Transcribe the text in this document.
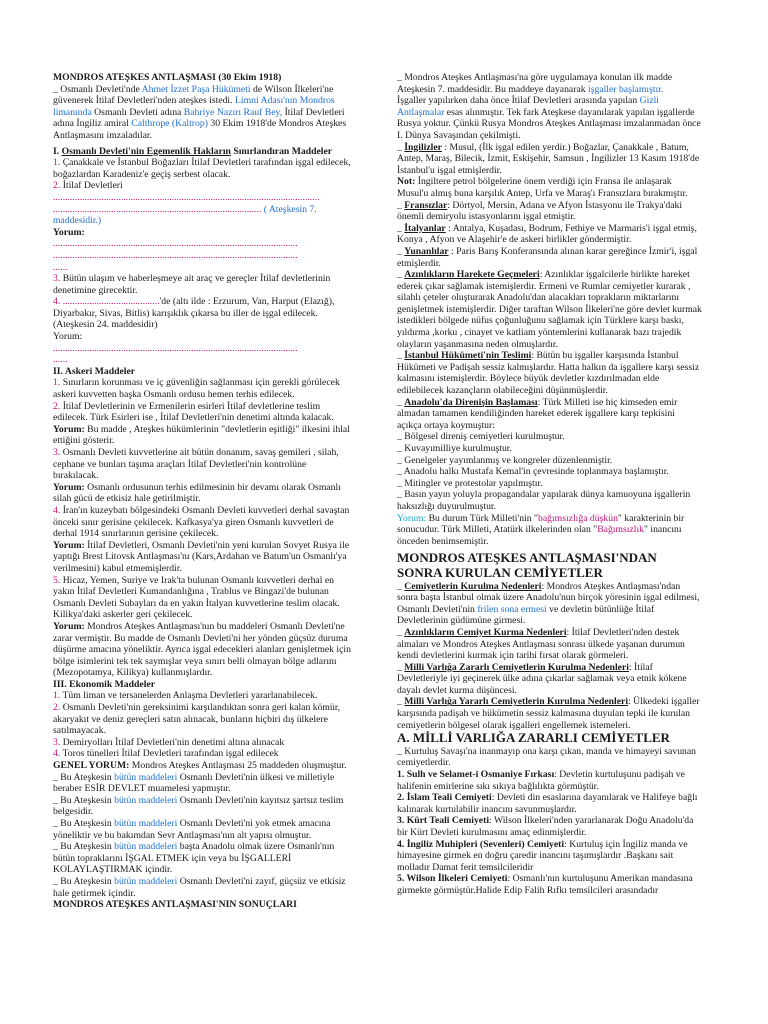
MONDROS ATEŞKES ANTLAŞMASI (30 Ekim 1918)

_ Osmanlı Devleti'nde Ahmet İzzet Paşa Hükümeti de Wilson İlkeleri'ne güvenerek İtilaf Devletleri'nden ateşkes istedi. Limni Adası'nın Mondros limanında Osmanlı Devleti adına Bahriye Nazırı Rauf Bey, İtilaf Devletleri adına İngiliz amiral Calthrope (Kaltrop) 30 Ekim 1918'de Mondros Ateşkes Antlaşmasını imzaladılar.

I. Osmanlı Devleti'nin Egemenlik Hakların Sınırlandıran Maddeler

1. Çanakkale ve İstanbul Boğazları İtilaf Devletleri tarafından işgal edilecek, boğazlardan Karadeniz'e geçiş serbest olacak.

2. İtilaf Devletleri

..............................................................................................................

...................................................................................... ( Ateşkesin 7. maddesidir.)

Yorum:

.....................................................................................................

.....................................................................................................

......

3. Bütün ulaşım ve haberleşmeye ait araç ve gereçler İtilaf devletlerinin denetimine girecektir.

4. ........................................'de (altı ilde : Erzurum, Van, Harput (Elazığ),

Diyarbakır, Sivas, Bitlis) karışıklık çıkarsa bu iller de işgal edilecek.(Ateşkesin 24. maddesidir)

Yorum:

.....................................................................................................

......

II. Askeri Maddeler

1. Sınırların korunması ve iç güvenliğin sağlanması için gerekli görülecek askeri kuvvetten başka Osmanlı ordusu hemen terhis edilecek.

2. İtilaf Devletlerinin ve Ermenilerin esirleri İtilaf devletlerine teslim edilecek. Türk Esirleri ise , İtilaf Devletleri'nin denetimi altında kalacak.

Yorum: Bu madde , Ateşkes hükümlerinin "devletlerin eşitliği" ilkesini ihlal ettiğini gösterir.

3. Osmanlı Devleti kuvvetlerine ait bütün donanım, savaş gemileri , silah, cephane ve bunları taşıma araçları İtilaf Devletleri'nin kontrolüne bırakılacak.

Yorum: Osmanlı ordusunun terhis edilmesinin bir devamı olarak Osmanlı silah gücü de etkisiz hale getirilmiştir.

4. İran'ın kuzeybatı bölgesindeki Osmanlı Devleti kuvvetleri derhal savaştan önceki sınır gerisine çekilecek. Kafkasya'ya giren Osmanlı kuvvetleri de derhal 1914 sınırlarının gerisine çekilecek.

Yorum: İtilaf Devletleri, Osmanlı Devleti'nin yeni kurulan Sovyet Rusya ile yaptığı Brest Litovsk Antlaşması'nı (Kars,Ardahan ve Batum'un Osmanlı'ya verilmesini) kabul etmemişlerdir.

5. Hicaz, Yemen, Suriye ve Irak'ta bulunan Osmanlı kuvvetleri derhal en yakın İtilaf Devletleri Kumandanlığına , Trablus ve Bingazi'de bulunan Osmanlı Devleti Subayları da en yakın İtalyan kuvvetlerine teslim olacak. Kilikya'daki askerler geri çekilecek.

Yorum: Mondros Ateşkes Antlaşması'nın bu maddeleri Osmanlı Devleti'ne zarar vermiştir. Bu madde de Osmanlı Devleti'ni her yönden güçsüz duruma düşürme amacına yöneliktir. Ayrıca işgal edecekleri alanları genişletmek için bölge isimlerini tek tek saymışlar veya sınırı belli olmayan bölge adlarını (Mezopotamya, Kilikya) kullanmışlardır.

III. Ekonomik Maddeler

1. Tüm liman ve tersanelerden Anlaşma Devletleri yararlanabilecek.

2. Osmanlı Devleti'nin gereksinimi karşılandıktan sonra geri kalan kömür, akaryakıt ve deniz gereçleri satın alınacak, bunların hiçbiri dış ülkelere satılmayacak.

3. Demiryolları İtilaf Devletleri'nin denetimi altına alınacak

4. Toros tünelleri İtilaf Devletleri tarafından işgal edilecek

GENEL YORUM: Mondros Ateşkes Antlaşması 25 maddeden oluşmuştur.

_ Bu Ateşkesin bütün maddeleri Osmanlı Devleti'nin ülkesi ve milletiyle beraber ESİR DEVLET muamelesi yapmıştır.

_ Bu Ateşkesin bütün maddeleri Osmanlı Devleti'nin kayıtsız şartsız teslim belgesidir.

_ Bu Ateşkesin bütün maddeleri Osmanlı Devleti'ni yok etmek amacına yöneliktir ve bu bakımdan Sevr Antlaşması'nın alt yapısı olmuştur.

_ Bu Ateşkesin bütün maddeleri başta Anadolu olmak üzere Osmanlı'nın bütün topraklarını İŞGAL ETMEK için veya bu İŞGALLERİ KOLAYLAŞTIRMAK içindir.

_ Bu Ateşkesin bütün maddeleri Osmanlı Devleti'ni zayıf, güçsüz ve etkisiz hale getirmek içindir.

MONDROS ATEŞKES ANTLAŞMASI'NIN SONUÇLARI

_ Mondros Ateşkes Antlaşması'na göre uygulamaya konulan ilk madde Ateşkesin 7. maddesidir. Bu maddeye dayanarak işgaller başlamıştır.

İşgaller yapılırken daha önce İtilaf Devletleri arasında yapılan Gizli Antlaşmalar esas alınmıştır. Tek fark Ateşkese dayanılarak yapılan işgallerde Rusya yoktur. Çünkü Rusya Mondros Ateşkes Antlaşması imzalanmadan önce I. Dünya Savaşından çekilmişti.

_ İngilizler : Musul, (İlk işgal edilen yerdir.) Boğazlar, Çanakkale , Batum, Antep, Maraş, Bilecik, İzmit, Eskişehir, Samsun , İngilizler 13 Kasım 1918'de İstanbul'u işgal etmişlerdir.

Not: İngiltere petrol bölgelerine önem verdiği için Fransa ile anlaşarak Musul'u almış buna karşılık Antep, Urfa ve Maraş'ı Fransızlara bırakmıştır.

_ Fransızlar: Dörtyol, Mersin, Adana ve Afyon İstasyonu ile Trakya'daki önemli demiryolu istasyonlarını işgal etmiştir.

_ İtalyanlar : Antalya, Kuşadası, Bodrum, Fethiye ve Marmaris'i işgal etmiş, Konya , Afyon ve Alaşehir'e de askeri birlikler göndermiştir.

_ Yunanlılar : Paris Barış Konferansında alınan karar gereğince İzmir'i, işgal etmişlerdir.

_ Azınlıkların Harekete Geçmeleri: Azınlıklar işgalcilerle birlikte hareket ederek çıkar sağlamak istemişlerdir. Ermeni ve Rumlar cemiyetler kurarak , silahlı çeteler oluşturarak Anadolu'dan alacakları toprakların miktarlarını genişletmek istemişlerdir. Diğer taraftan Wilson İlkeleri'ne göre devlet kurmak istedikleri bölgede nüfus çoğunluğunu sağlamak için Türklere karşı baskı, yıldırma ,korku , cinayet ve katliam yöntemlerini kullanarak bazı trajedik olayların yaşanmasına neden olmuşlardır.

_ İstanbul Hükümeti'nin Teslimi: Bütün bu işgaller karşısında İstanbul Hükümeti ve Padişah sessiz kalmışlardır. Hatta halkın da işgallere karşı sessiz kalmasını istemişlerdir. Böylece büyük devletler kızdırılmadan elde edilebilecek kazançların olabileceğini düşünmüşlerdir.

_ Anadolu'da Direnişin Başlaması: Türk Milleti ise hiç kimseden emir almadan tamamen kendiliğinden hareket ederek işgallere karşı tepkisini açıkça ortaya koymuştur:

_ Bölgesel direniş cemiyetleri kurulmuştur.

_ Kuvayımilliye kurulmuştur.

_ Genelgeler yayımlanmış ve kongreler düzenlenmiştir.

_ Anadolu halkı Mustafa Kemal'in çevresinde toplanmaya başlamıştır.

_ Mitingler ve protestolar yapılmıştır.

_ Basın yayın yoluyla propagandalar yapılarak dünya kamuoyuna işgallerin haksızlığı duyurulmuştur.

Yorum: Bu durum Türk Milleti'nin "bağımsızlığa düşkün" karakterinin bir sonucudur. Türk Milleti, Atatürk ilkelerinden olan "Bağımsızlık" inancını önceden benimsemiştir.

MONDROS ATEŞKES ANTLAŞMASI'NDAN SONRA KURULAN CEMİYETLER

_ Cemiyetlerin Kurulma Nedenleri: Mondros Ateşkes Antlaşması'ndan sonra başta İstanbul olmak üzere Anadolu'nun birçok yöresinin işgal edilmesi, Osmanlı Devleti'nin frilen sona ermesi ve devletin bütünlüğe İtilaf Devletlerinin güdümüne girmesi.

_ Azınlıkların Cemiyet Kurma Nedenleri: İtilaf Devletleri'nden destek almaları ve Mondros Ateşkes Antlaşması sonrası ülkede yaşanan durumun kendi devletlerini kurmak için tarihi fırsat olarak görmeleri.

_ Milli Varlığa Zararlı Cemiyetlerin Kurulma Nedenleri: İtilaf Devletleriyle iyi geçinerek ülke adına çıkarlar sağlamak veya etnik kökene dayalı devlet kurma düşüncesi.

_ Milli Varlığa Yararlı Cemiyetlerin Kurulma Nedenleri: Ülkedeki işgaller karşısında padişah ve hükümetin sessiz kalmasına duyulan tepki ile kurulan cemiyetlerin bölgesel olarak işgalleri engellemek istemeleri.

A. MİLLİ VARLIĞA ZARARLI CEMİYETLER

_ Kurtuluş Savaşı'na inanmayıp ona karşı çıkan, manda ve himayeyi savunan cemiyetlerdir.

1. Sulh ve Selamet-i Osmaniye Fırkası: Devletin kurtuluşunu padişah ve halifenin emirlerine sıkı sıkıya bağlılıkta görmüştür.

2. İslam Teali Cemiyeti: Devleti din esaslarına dayanılarak ve Halifeye bağlı kalınarak kurtulabilir inancını savunmuşlardır.

3. Kürt Teali Cemiyeti: Wilson İlkeleri'nden yararlanarak Doğu Anadolu'da bir Kürt Devleti kurulmasını amaç edinmişlerdir.

4. İngiliz Muhipleri (Sevenleri) Cemiyeti: Kurtuluş için İngiliz manda ve himayesine girmek en doğru çaredir inancını taşımışlardır .Başkanı sait molladır Damat ferit temsilcileridir

5. Wilson İlkeleri Cemiyeti: Osmanlı'nın kurtuluşunu Amerikan mandasına girmekte görmüştür.Halide Edip Falih Rıfkı temsilcileri arasındadır
